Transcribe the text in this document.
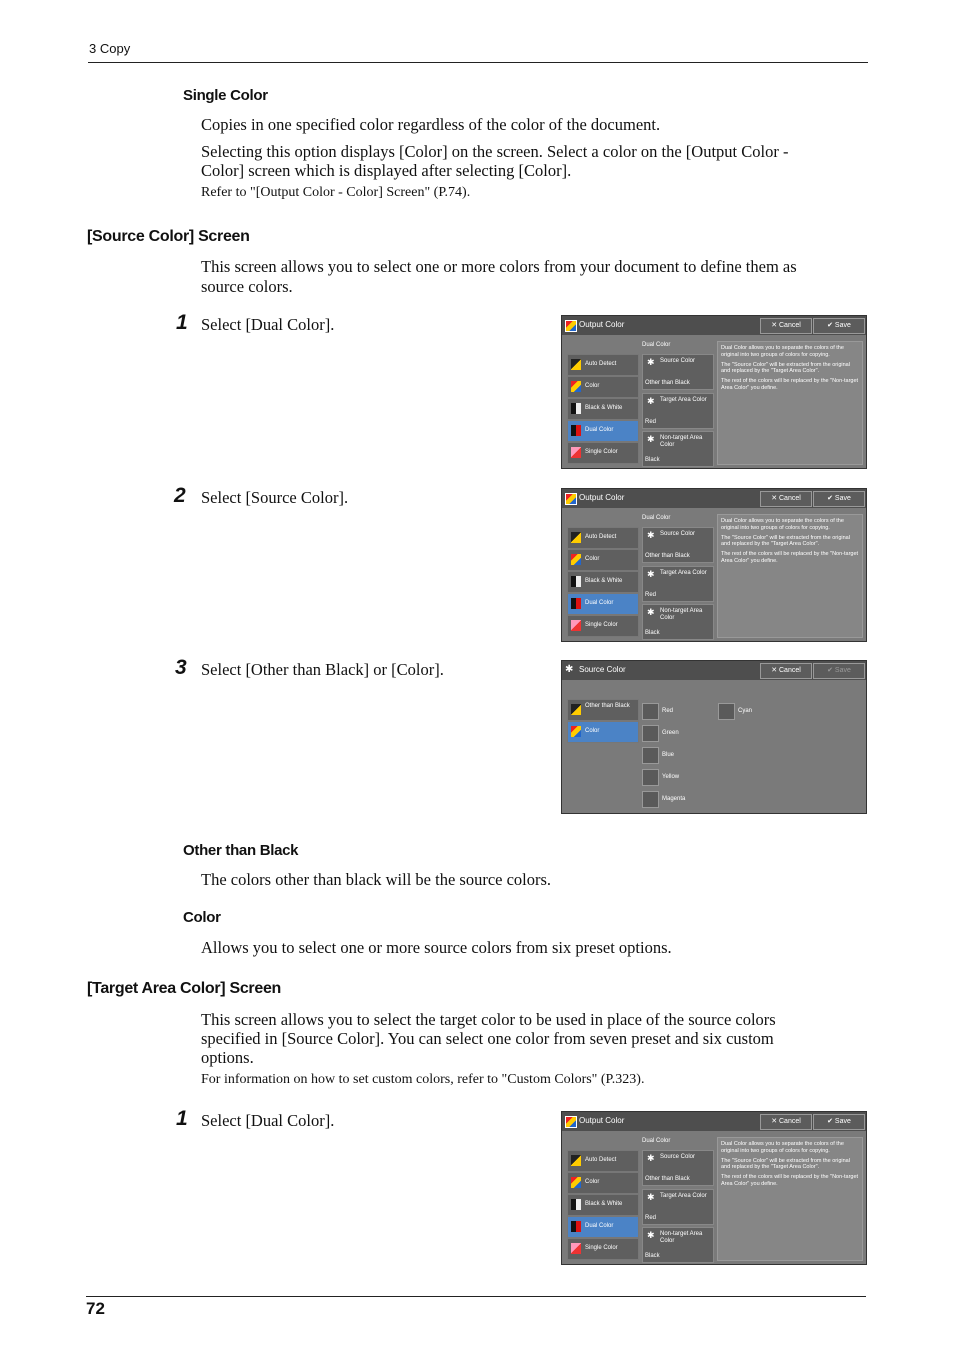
3 Copy
Single Color
Copies in one specified color regardless of the color of the document.
Selecting this option displays [Color] on the screen. Select a color on the [Output Color -
Color] screen which is displayed after selecting [Color].
Refer to "[Output Color - Color] Screen" (P.74).
[Source Color] Screen
This screen allows you to select one or more colors from your document to define them as
source colors.
1 Select [Dual Color].
2 Select [Source Color].
3 Select [Other than Black] or [Color].
Other than Black
The colors other than black will be the source colors.
Color
Allows you to select one or more source colors from six preset options.
[Target Area Color] Screen
This screen allows you to select the target color to be used in place of the source colors
specified in [Source Color]. You can select one color from seven preset and six custom
options.
For information on how to set custom colors, refer to "Custom Colors" (P.323).
1 Select [Dual Color].
Output Color	✕ Cancel	✔ Save
Dual Color
Auto Detect
Color
Black & White
Dual Color
Single Color
✱ Source Color
Other than Black
✱ Target Area Color
Red
✱ Non-target Area Color
Black

Dual Color allows you to separate the colors of the original into two groups of colors for copying.

The "Source Color" will be extracted from the original and replaced by the "Target Area Color".

The rest of the colors will be replaced by the "Non-target Area Color" you define.

Output Color	✕ Cancel	✔ Save
Dual Color
Auto Detect
Color
Black & White
Dual Color
Single Color
✱ Source Color
Other than Black
✱ Target Area Color
Red
✱ Non-target Area Color
Black

Dual Color allows you to separate the colors of the original into two groups of colors for copying.

The "Source Color" will be extracted from the original and replaced by the "Target Area Color".

The rest of the colors will be replaced by the "Non-target Area Color" you define.

✱ Source Color	✕ Cancel	✔ Save
Other than Black
Color
Red
Green
Blue
Yellow
Magenta
Cyan
Output Color	✕ Cancel	✔ Save
Dual Color
Auto Detect
Color
Black & White
Dual Color
Single Color
✱ Source Color
Other than Black
✱ Target Area Color
Red
✱ Non-target Area Color
Black

Dual Color allows you to separate the colors of the original into two groups of colors for copying.

The "Source Color" will be extracted from the original and replaced by the "Target Area Color".

The rest of the colors will be replaced by the "Non-target Area Color" you define.

72
